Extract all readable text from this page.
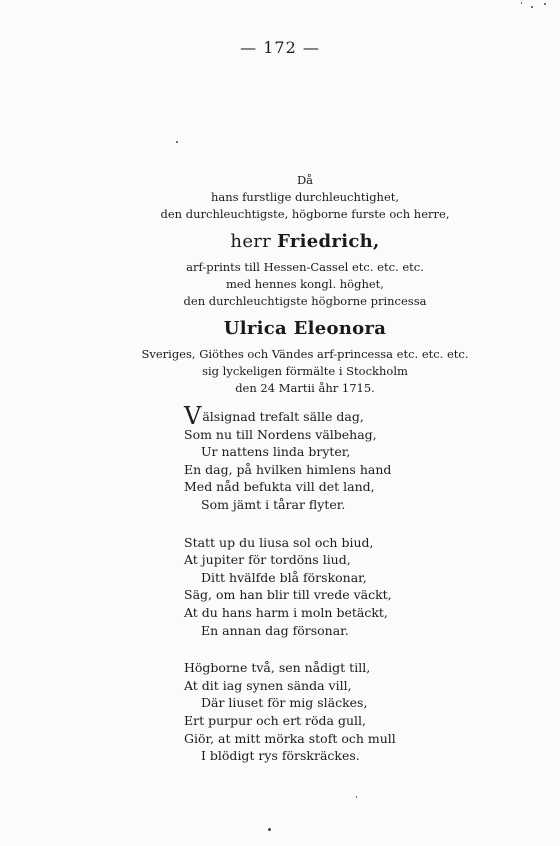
— 172 —
Då
hans furstlige durchleuchtighet,
den durchleuchtigste, högborne furste och herre,
herr Friedrich,
arf-prints till Hessen-Cassel etc. etc. etc.
med hennes kongl. höghet,
den durchleuchtigste högborne princessa
Ulrica Eleonora
Sveriges, Giöthes och Vändes arf-princessa etc. etc. etc.
sig lyckeligen förmälte i Stockholm
den 24 Martii åhr 1715.
Välsignad trefalt sälle dag,
Som nu till Nordens välbehag,
Ur nattens linda bryter,
En dag, på hvilken himlens hand
Med nåd befukta vill det land,
Som jämt i tårar flyter.
Statt up du liusa sol och biud,
At jupiter för tordöns liud,
Ditt hvälfde blå förskonar,
Säg, om han blir till vrede väckt,
At du hans harm i moln betäckt,
En annan dag försonar.
Högborne två, sen nådigt till,
At dit iag synen sända vill,
Där liuset för mig släckes,
Ert purpur och ert röda gull,
Giör, at mitt mörka stoft och mull
I blödigt rys förskräckes.
